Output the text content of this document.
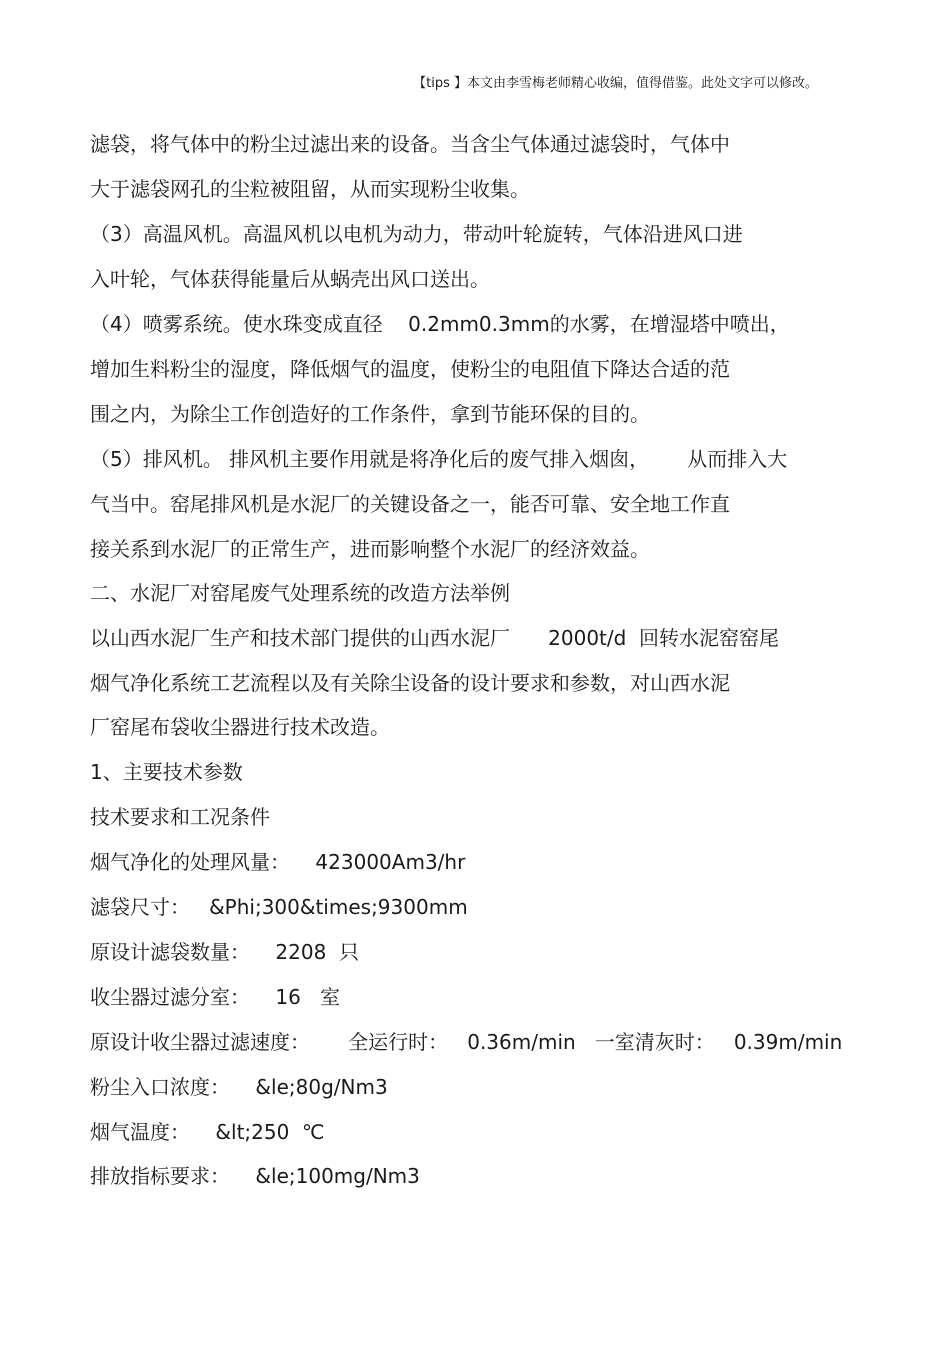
【tips 】本文由李雪梅老师精心收编，值得借鉴。此处文字可以修改。
滤袋，将气体中的粉尘过滤出来的设备。当含尘气体通过滤袋时，气体中
大于滤袋网孔的尘粒被阻留，从而实现粉尘收集。
（3）高温风机。高温风机以电机为动力，带动叶轮旋转，气体沿进风口进
入叶轮，气体获得能量后从蜗壳出风口送出。
（4）喷雾系统。使水珠变成直径    0.2mm0.3mm的水雾，在增湿塔中喷出，
增加生料粉尘的湿度，降低烟气的温度，使粉尘的电阻值下降达合适的范
围之内，为除尘工作创造好的工作条件，拿到节能环保的目的。
（5）排风机。 排风机主要作用就是将净化后的废气排入烟囱，      从而排入大
气当中。窑尾排风机是水泥厂的关键设备之一，能否可靠、安全地工作直
接关系到水泥厂的正常生产，进而影响整个水泥厂的经济效益。
二、水泥厂对窑尾废气处理系统的改造方法举例
以山西水泥厂生产和技术部门提供的山西水泥厂      2000t/d  回转水泥窑窑尾
烟气净化系统工艺流程以及有关除尘设备的设计要求和参数，对山西水泥
厂窑尾布袋收尘器进行技术改造。
1、主要技术参数
技术要求和工况条件
烟气净化的处理风量：    423000Am3/hr
滤袋尺寸：   &Phi;300&times;9300mm
原设计滤袋数量：    2208  只
收尘器过滤分室：    16   室
原设计收尘器过滤速度：      全运行时：   0.36m/min   一室清灰时：   0.39m/min
粉尘入口浓度：    &le;80g/Nm3
烟气温度：    &lt;250  ℃
排放指标要求：    &le;100mg/Nm3
